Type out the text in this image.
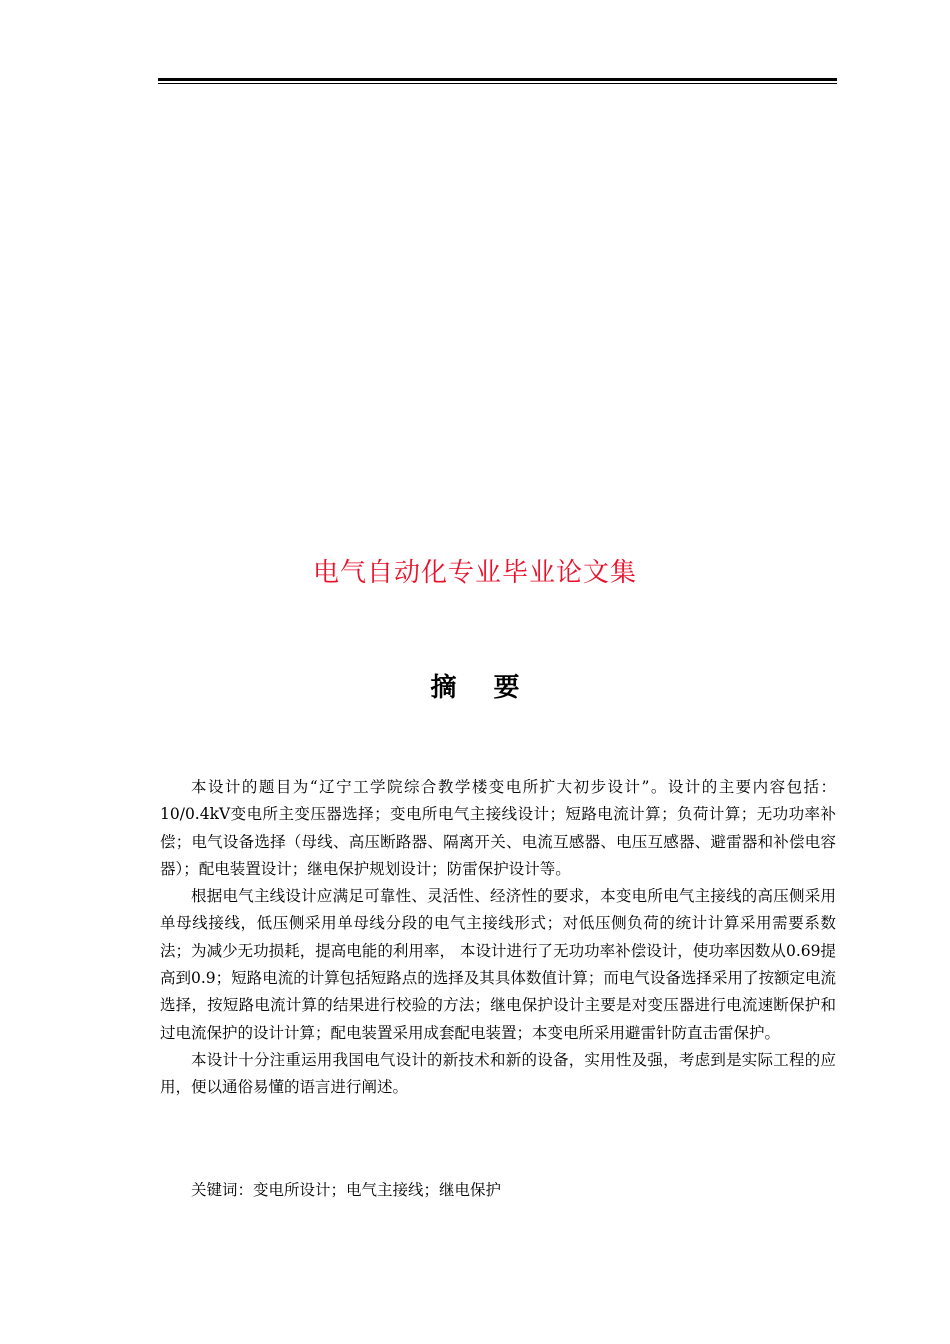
电气自动化专业毕业论文集
摘 要

本设计的题目为“辽宁工学院综合教学楼变电所扩大初步设计”。设计的主要内容包括：10/0.4kV变电所主变压器选择；变电所电气主接线设计；短路电流计算；负荷计算；无功功率补偿；电气设备选择（母线、高压断路器、隔离开关、电流互感器、电压互感器、避雷器和补偿电容器）；配电装置设计；继电保护规划设计；防雷保护设计等。

根据电气主线设计应满足可靠性、灵活性、经济性的要求，本变电所电气主接线的高压侧采用单母线接线，低压侧采用单母线分段的电气主接线形式；对低压侧负荷的统计计算采用需要系数法；为减少无功损耗，提高电能的利用率， 本设计进行了无功功率补偿设计，使功率因数从0.69提高到0.9；短路电流的计算包括短路点的选择及其具体数值计算；而电气设备选择采用了按额定电流选择，按短路电流计算的结果进行校验的方法；继电保护设计主要是对变压器进行电流速断保护和过电流保护的设计计算；配电装置采用成套配电装置；本变电所采用避雷针防直击雷保护。

本设计十分注重运用我国电气设计的新技术和新的设备，实用性及强，考虑到是实际工程的应用，便以通俗易懂的语言进行阐述。

关键词：变电所设计；电气主接线；继电保护
